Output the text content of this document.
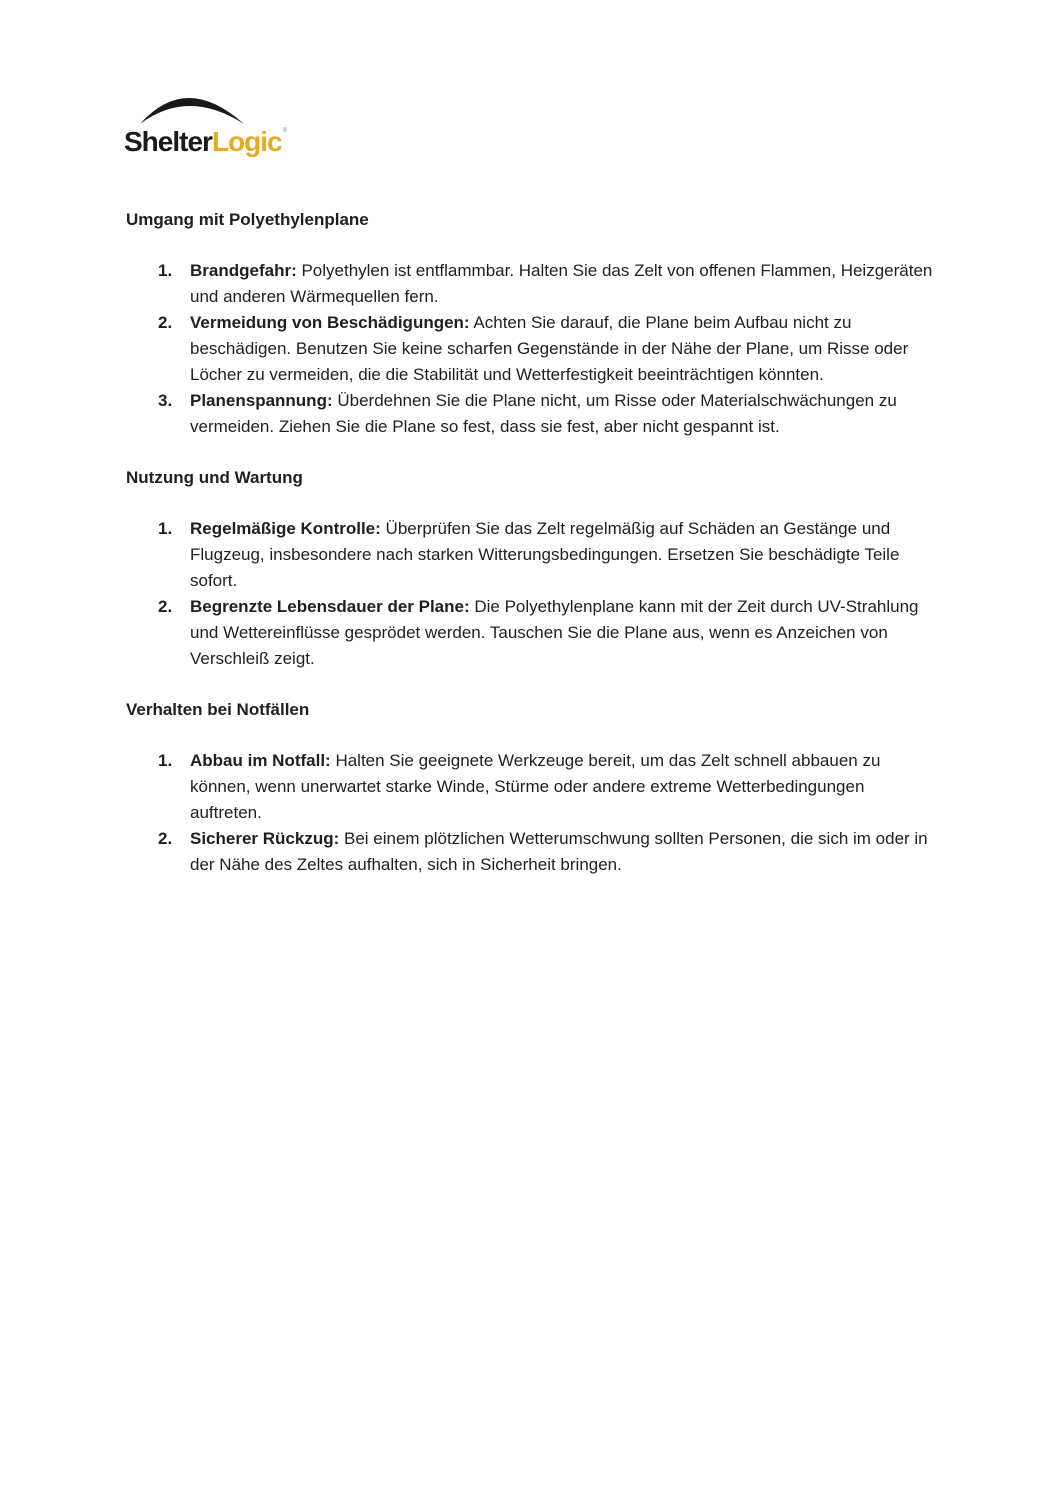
ShelterLogic®
Umgang mit Polyethylenplane
1. Brandgefahr: Polyethylen ist entflammbar. Halten Sie das Zelt von offenen Flammen, Heizgeräten und anderen Wärmequellen fern.
2. Vermeidung von Beschädigungen: Achten Sie darauf, die Plane beim Aufbau nicht zu beschädigen. Benutzen Sie keine scharfen Gegenstände in der Nähe der Plane, um Risse oder Löcher zu vermeiden, die die Stabilität und Wetterfestigkeit beeinträchtigen könnten.
3. Planenspannung: Überdehnen Sie die Plane nicht, um Risse oder Materialschwächungen zu vermeiden. Ziehen Sie die Plane so fest, dass sie fest, aber nicht gespannt ist.
Nutzung und Wartung
1. Regelmäßige Kontrolle: Überprüfen Sie das Zelt regelmäßig auf Schäden an Gestänge und Flugzeug, insbesondere nach starken Witterungsbedingungen. Ersetzen Sie beschädigte Teile sofort.
2. Begrenzte Lebensdauer der Plane: Die Polyethylenplane kann mit der Zeit durch UV-Strahlung und Wettereinflüsse gesprödet werden. Tauschen Sie die Plane aus, wenn es Anzeichen von Verschleiß zeigt.
Verhalten bei Notfällen
1. Abbau im Notfall: Halten Sie geeignete Werkzeuge bereit, um das Zelt schnell abbauen zu können, wenn unerwartet starke Winde, Stürme oder andere extreme Wetterbedingungen auftreten.
2. Sicherer Rückzug: Bei einem plötzlichen Wetterumschwung sollten Personen, die sich im oder in der Nähe des Zeltes aufhalten, sich in Sicherheit bringen.
